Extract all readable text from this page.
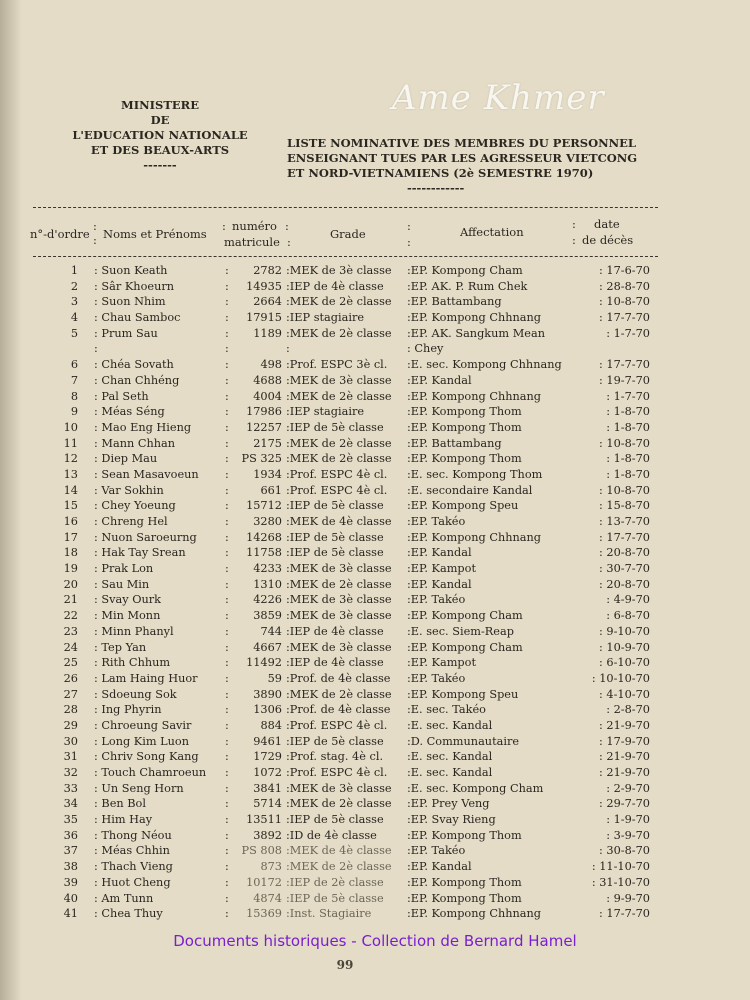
Ame Khmer
MINISTERE
DE
L'EDUCATION NATIONALE
ET DES BEAUX-ARTS
-------
LISTE NOMINATIVE DES MEMBRES DU PERSONNEL
ENSEIGNANT TUES PAR LES AGRESSEUR VIETCONG
ET NORD-VIETNAMIENS (2è SEMESTRE 1970)
------------
n°-d'ordre
:
: Noms et Prénoms
: numéro :
matricule :
Grade
:
:
Affectation
: date
: de décès
1 : Suon Keath	2782 :MEK de 3è classe :EP. Kompong Cham	: 17-6-70
:
2 : Sâr Khoeurn	14935 :IEP de 4è classe :EP. AK. P. Rum Chek	: 28-8-70
:
3 : Suon Nhim	2664 :MEK de 2è classe :EP. Battambang	: 10-8-70
:
4 : Chau Samboc	17915 :IEP stagiaire	:EP. Kompong Chhnang	: 17-7-70
:
5 : Prum Sau	1189 :MEK de 2è classe :EP. AK. Sangkum Mean	: 1-7-70
:
:	:	: Chey
:
6 : Chéa Sovath	498 :Prof. ESPC 3è cl. :E. sec. Kompong Chhnang	: 17-7-70
:
7 : Chan Chhéng	4688 :MEK de 3è classe :EP. Kandal	: 19-7-70
:
8 : Pal Seth	4004 :MEK de 2è classe :EP. Kompong Chhnang	: 1-7-70
:
9 : Méas Séng	17986 :IEP stagiaire	:EP. Kompong Thom	: 1-8-70
:
10 : Mao Eng Hieng	12257 :IEP de 5è classe :EP. Kompong Thom	: 1-8-70
:
11 : Mann Chhan	2175 :MEK de 2è classe :EP. Battambang	: 10-8-70
:
12 : Diep Mau	PS 325 :MEK de 2è classe :EP. Kompong Thom	: 1-8-70
:
13 : Sean Masavoeun	1934 :Prof. ESPC 4è cl. :E. sec. Kompong Thom	: 1-8-70
:
14 : Var Sokhin	661 :Prof. ESPC 4è cl. :E. secondaire Kandal	: 10-8-70
:
15 : Chey Yoeung	15712 :IEP de 5è classe :EP. Kompong Speu	: 15-8-70
:
16 : Chreng Hel	3280 :MEK de 4è classe :EP. Takéo	: 13-7-70
:
17 : Nuon Saroeurng	14268 :IEP de 5è classe :EP. Kompong Chhnang	: 17-7-70
:
18 : Hak Tay Srean	11758 :IEP de 5è classe :EP. Kandal	: 20-8-70
:
19 : Prak Lon	4233 :MEK de 3è classe :EP. Kampot	: 30-7-70
:
20 : Sau Min	1310 :MEK de 2è classe :EP. Kandal	: 20-8-70
:
21 : Svay Ourk	4226 :MEK de 3è classe :EP. Takéo	: 4-9-70
:
22 : Min Monn	3859 :MEK de 3è classe :EP. Kompong Cham	: 6-8-70
:
23 : Minn Phanyl	744 :IEP de 4è classe :E. sec. Siem-Reap	: 9-10-70
:
24 : Tep Yan	4667 :MEK de 3è classe :EP. Kompong Cham	: 10-9-70
:
25 : Rith Chhum	11492 :IEP de 4è classe :EP. Kampot	: 6-10-70
:
26 : Lam Haing Huor	59 :Prof. de 4è classe :EP. Takéo	: 10-10-70
:
27 : Sdoeung Sok	3890 :MEK de 2è classe :EP. Kompong Speu	: 4-10-70
:
28 : Ing Phyrin	1306 :Prof. de 4è classe :E. sec. Takéo	: 2-8-70
:
29 : Chroeung Savir	884 :Prof. ESPC 4è cl. :E. sec. Kandal	: 21-9-70
:
30 : Long Kim Luon	9461 :IEP de 5è classe :D. Communautaire	: 17-9-70
:
31 : Chriv Song Kang	1729 :Prof. stag. 4è cl. :E. sec. Kandal	: 21-9-70
:
32 : Touch Chamroeun	1072 :Prof. ESPC 4è cl. :E. sec. Kandal	: 21-9-70
:
33 : Un Seng Horn	3841 :MEK de 3è classe :E. sec. Kompong Cham	: 2-9-70
:
34 : Ben Bol	5714 :MEK de 2è classe :EP. Prey Veng	: 29-7-70
:
35 : Him Hay	13511 :IEP de 5è classe :EP. Svay Rieng	: 1-9-70
:
36 : Thong Néou	3892 :ID de 4è classe	:EP. Kompong Thom	: 3-9-70
:
37 : Méas Chhin	PS 808 :MEK de 4è classe :EP. Takéo	: 30-8-70
:
38 : Thach Vieng	873 :MEK de 2è classe :EP. Kandal	: 11-10-70
:
39 : Huot Cheng	10172 :IEP de 2è classe :EP. Kompong Thom	: 31-10-70
:
40 : Am Tunn	4874 :IEP de 5è classe :EP. Kompong Thom	: 9-9-70
:
41 : Chea Thuy	15369 :Inst. Stagiaire	:EP. Kompong Chhnang	: 17-7-70
:
Documents historiques - Collection de Bernard Hamel
99
